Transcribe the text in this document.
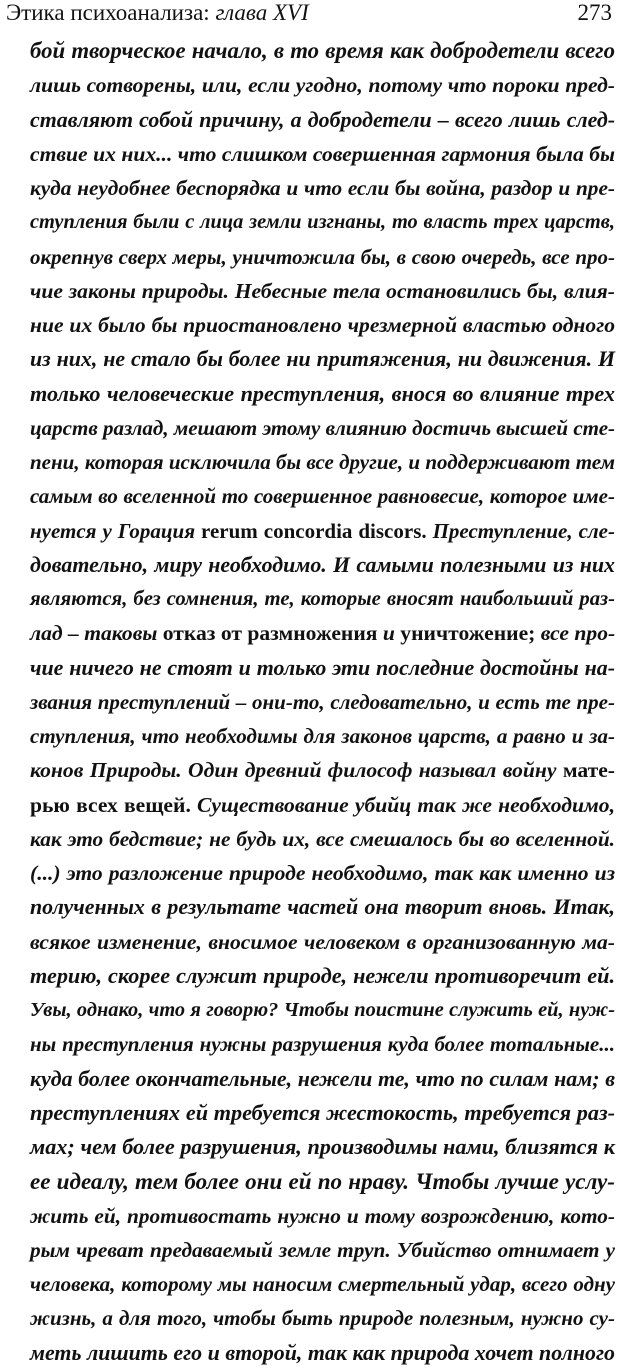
Этика психоанализа: глава XVI	273
бой творческое начало, в то время как добродетели всего
лишь сотворены, или, если угодно, потому что пороки пред-
ставляют собой причину, а добродетели – всего лишь след-
ствие их них... что слишком совершенная гармония была бы
куда неудобнее беспорядка и что если бы война, раздор и пре-
ступления были с лица земли изгнаны, то власть трех царств,
окрепнув сверх меры, уничтожила бы, в свою очередь, все про-
чие законы природы. Небесные тела остановились бы, влия-
ние их было бы приостановлено чрезмерной властью одного
из них, не стало бы более ни притяжения, ни движения. И
только человеческие преступления, внося во влияние трех
царств разлад, мешают этому влиянию достичь высшей сте-
пени, которая исключила бы все другие, и поддерживают тем
самым во вселенной то совершенное равновесие, которое име-
нуется у Горация rerum concordia discors. Преступление, сле-
довательно, миру необходимо. И самыми полезными из них
являются, без сомнения, те, которые вносят наибольший раз-
лад – таковы отказ от размножения и уничтожение; все про-
чие ничего не стоят и только эти последние достойны на-
звания преступлений – они-то, следовательно, и есть те пре-
ступления, что необходимы для законов царств, а равно и за-
конов Природы. Один древний философ называл войну мате-
рью всех вещей. Существование убийц так же необходимо,
как это бедствие; не будь их, все смешалось бы во вселенной.
(...) это разложение природе необходимо, так как именно из
полученных в результате частей она творит вновь. Итак,
всякое изменение, вносимое человеком в организованную ма-
терию, скорее служит природе, нежели противоречит ей.
Увы, однако, что я говорю? Чтобы поистине служить ей, нуж-
ны преступления нужны разрушения куда более тотальные...
куда более окончательные, нежели те, что по силам нам; в
преступлениях ей требуется жестокость, требуется раз-
мах; чем более разрушения, производимы нами, близятся к
ее идеалу, тем более они ей по нраву. Чтобы лучше услу-
жить ей, противостать нужно и тому возрождению, кото-
рым чреват предаваемый земле труп. Убийство отнимает у
человека, которому мы наносим смертельный удар, всего одну
жизнь, а для того, чтобы быть природе полезным, нужно су-
меть лишить его и второй, так как природа хочет полного
